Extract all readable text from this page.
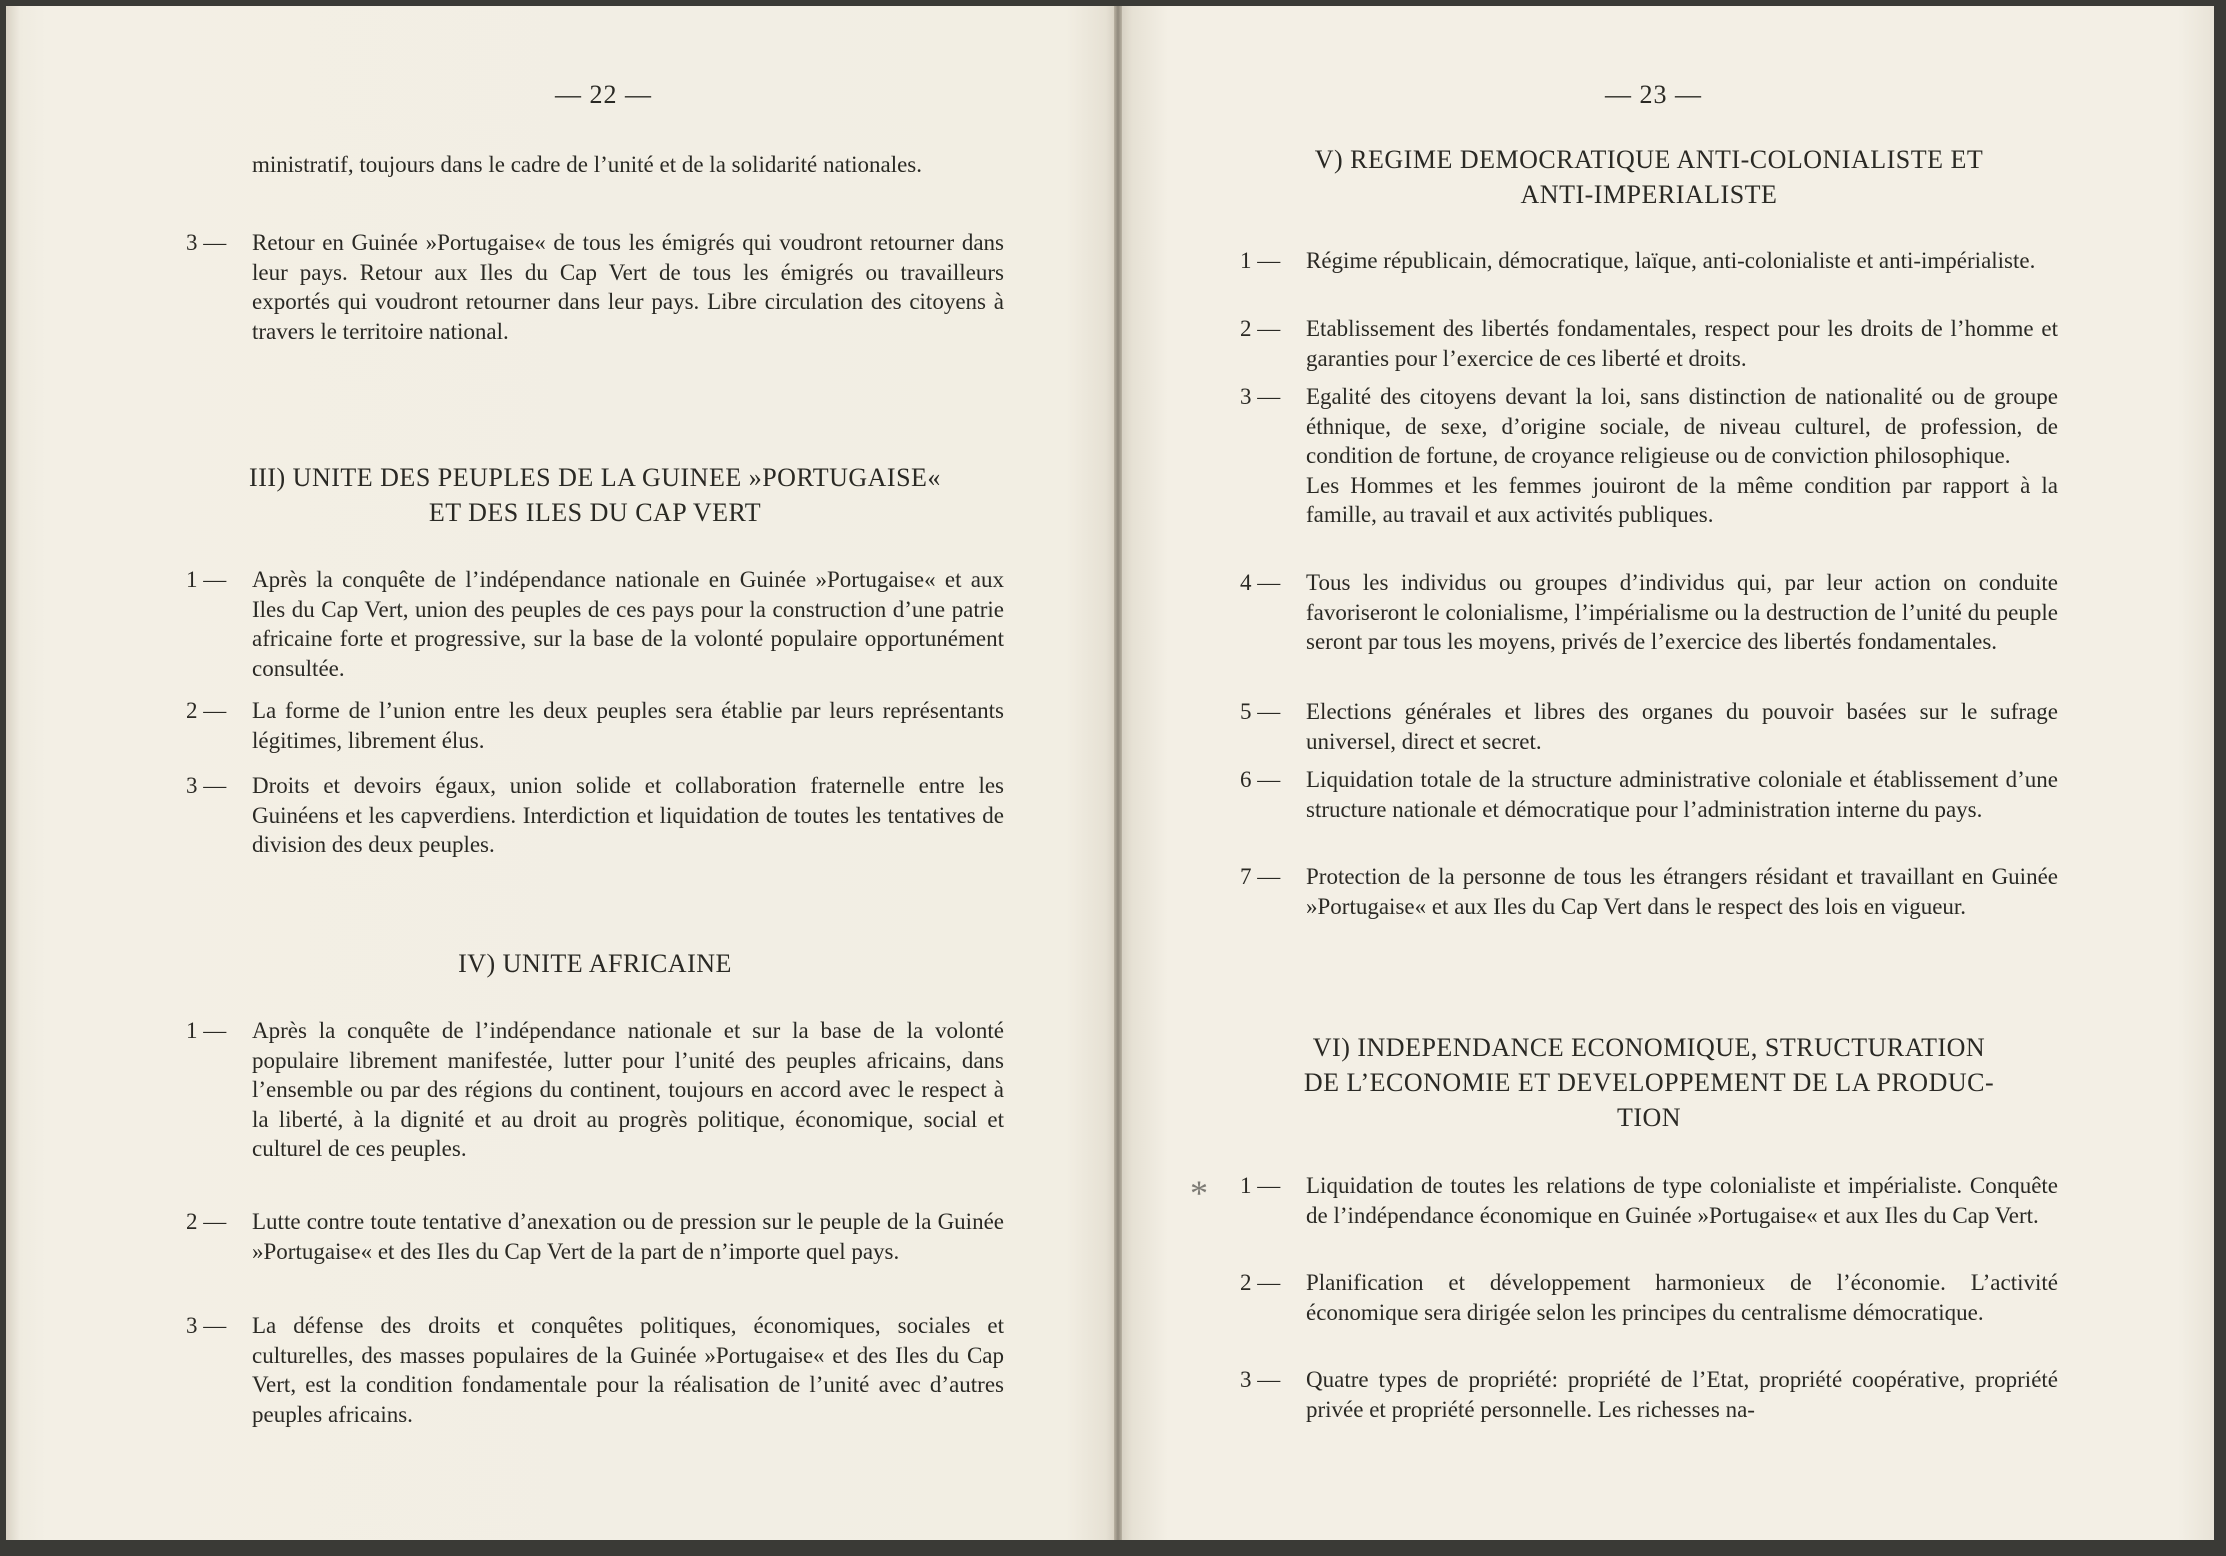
— 22 —
ministratif, toujours dans le cadre de l’unité et de la solidarité nationales.
3 — Retour en Guinée »Portugaise« de tous les émigrés qui voudront retourner dans leur pays. Retour aux Iles du Cap Vert de tous les émigrés ou travailleurs exportés qui voudront retourner dans leur pays. Libre circulation des citoyens à travers le territoire national.
III) UNITE DES PEUPLES DE LA GUINEE »PORTUGAISE«
ET DES ILES DU CAP VERT
1 — Après la conquête de l’indépendance nationale en Guinée »Portugaise« et aux Iles du Cap Vert, union des peuples de ces pays pour la construction d’une patrie africaine forte et progressive, sur la base de la volonté populaire opportunément consultée.
2 — La forme de l’union entre les deux peuples sera établie par leurs représentants légitimes, librement élus.
3 — Droits et devoirs égaux, union solide et collaboration fraternelle entre les Guinéens et les capverdiens. Interdiction et liquidation de toutes les tentatives de division des deux peuples.
IV) UNITE AFRICAINE
1 — Après la conquête de l’indépendance nationale et sur la base de la volonté populaire librement manifestée, lutter pour l’unité des peuples africains, dans l’ensemble ou par des régions du continent, toujours en accord avec le respect à la liberté, à la dignité et au droit au progrès politique, économique, social et culturel de ces peuples.
2 — Lutte contre toute tentative d’anexation ou de pression sur le peuple de la Guinée »Portugaise« et des Iles du Cap Vert de la part de n’importe quel pays.
3 — La défense des droits et conquêtes politiques, économiques, sociales et culturelles, des masses populaires de la Guinée »Portugaise« et des Iles du Cap Vert, est la condition fondamentale pour la réalisation de l’unité avec d’autres peuples africains.
— 23 —
V) REGIME DEMOCRATIQUE ANTI-COLONIALISTE ET
ANTI-IMPERIALISTE
1 — Régime républicain, démocratique, laïque, anti-colonialiste et anti-impérialiste.
2 — Etablissement des libertés fondamentales, respect pour les droits de l’homme et garanties pour l’exercice de ces liberté et droits.
3 — Egalité des citoyens devant la loi, sans distinction de nationalité ou de groupe éthnique, de sexe, d’origine sociale, de niveau culturel, de profession, de condition de fortune, de croyance religieuse ou de conviction philosophique.
Les Hommes et les femmes jouiront de la même condition par rapport à la famille, au travail et aux activités publiques.
4 — Tous les individus ou groupes d’individus qui, par leur action on conduite favoriseront le colonialisme, l’impérialisme ou la destruction de l’unité du peuple seront par tous les moyens, privés de l’exercice des libertés fondamentales.
5 — Elections générales et libres des organes du pouvoir basées sur le sufrage universel, direct et secret.
6 — Liquidation totale de la structure administrative coloniale et établissement d’une structure nationale et démocratique pour l’administration interne du pays.
7 — Protection de la personne de tous les étrangers résidant et travaillant en Guinée »Portugaise« et aux Iles du Cap Vert dans le respect des lois en vigueur.
VI) INDEPENDANCE ECONOMIQUE, STRUCTURATION
DE L’ECONOMIE ET DEVELOPPEMENT DE LA PRODUC-
TION
* 1 — Liquidation de toutes les relations de type colonialiste et impérialiste. Conquête de l’indépendance économique en Guinée »Portugaise« et aux Iles du Cap Vert.
2 — Planification et développement harmonieux de l’économie. L’activité économique sera dirigée selon les principes du centralisme démocratique.
3 — Quatre types de propriété: propriété de l’Etat, propriété coopérative, propriété privée et propriété personnelle. Les richesses na-
